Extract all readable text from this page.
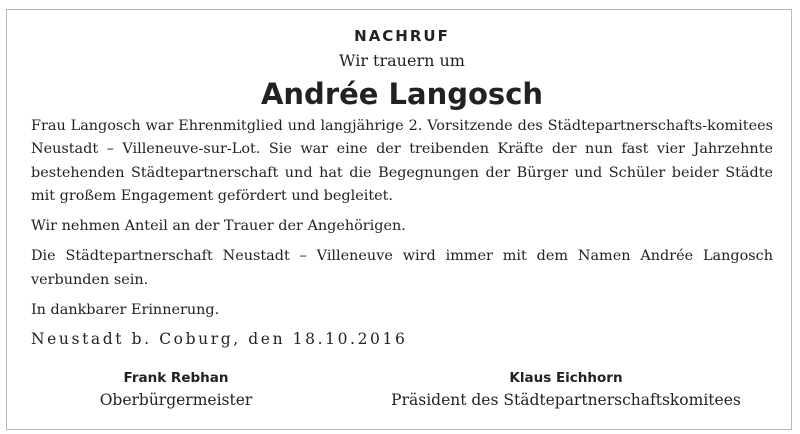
NACHRUF
Wir trauern um
Andrée Langosch

Frau Langosch war Ehrenmitglied und langjährige 2. Vorsitzende des Städtepartnerschafts-komitees Neustadt – Villeneuve-sur-Lot. Sie war eine der treibenden Kräfte der nun fast vier Jahrzehnte bestehenden Städtepartnerschaft und hat die Begegnungen der Bürger und Schüler beider Städte mit großem Engagement gefördert und begleitet.

Wir nehmen Anteil an der Trauer der Angehörigen.

Die Städtepartnerschaft Neustadt – Villeneuve wird immer mit dem Namen Andrée Langosch verbunden sein.

In dankbarer Erinnerung.

Neustadt b. Coburg, den 18.10.2016
Frank Rebhan
Oberbürgermeister
Klaus Eichhorn
Präsident des Städtepartnerschaftskomitees
